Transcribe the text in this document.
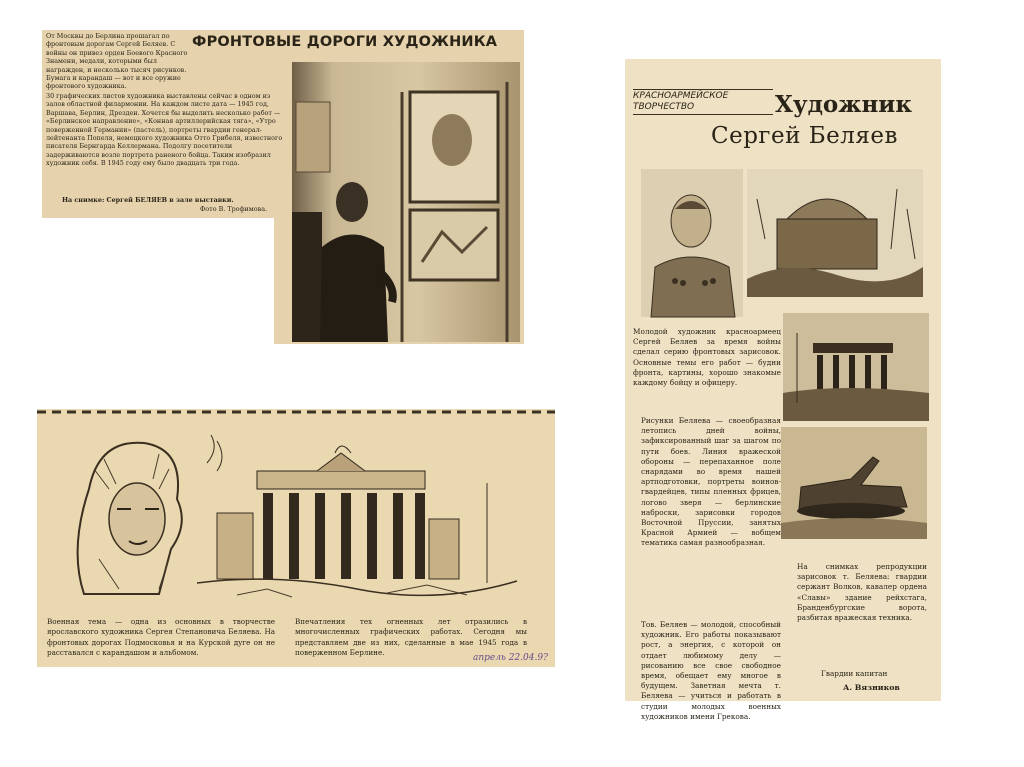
ФРОНТОВЫЕ ДОРОГИ ХУДОЖНИКА
От Москвы до Берлина прошагал по фронтовым дорогам Сергей Беляев. С войны он привез орден Боевого Красного Знамени, медали, которыми был награжден, и несколько тысяч рисунков. Бумага и карандаш — вот и все оружие фронтового художника.
30 графических листов художника выставлены сейчас в одном из залов областной филармонии. На каждом листе дата — 1945 год, Варшава, Берлин, Дрезден. Хочется бы выделить несколько работ — «Берлинское направление», «Конная артиллерийская тяга», «Утро поверженной Германии» (пастель), портреты гвардии генерал-лейтенанта Попеля, немецкого художника Отто Грибеля, известного писателя Бернгарда Келлермана. Подолгу посетители задерживаются возле портрета раненого бойца. Таким изобразил художник себя. В 1945 году ему было двадцать три года.
На снимке: Сергей БЕЛЯЕВ в зале выставки.
Фото В. Трофимова.
Военная тема — одна из основных в творчестве ярославского художника Сергея Степановича Беляева. На фронтовых дорогах Подмосковья и на Курской дуге он не расставался с карандашом и альбомом.
Впечатления тех огненных лет отразились в многочисленных графических работах. Сегодня мы представляем две из них, сделанные в мае 1945 года в поверженном Берлине.
апрель 22.04.9?
КРАСНОАРМЕЙСКОЕ ТВОРЧЕСТВО	Художник
Сергей Беляев
Молодой художник красноармеец Сергей Беляев за время войны сделал серию фронтовых зарисовок. Основные темы его работ — будни фронта, картины, хорошо знакомые каждому бойцу и офицеру.
Рисунки Беляева — своеобразная летопись дней войны, зафиксированный шаг за шагом по пути боев. Линия вражеской обороны — перепаханное поле снарядами во время нашей артподготовки, портреты воинов-гвардейцев, типы пленных фрицев, логово зверя — берлинские наброски, зарисовки городов Восточной Пруссии, занятых Красной Армией — вобщем тематика самая разнообразная.
Тов. Беляев — молодой, способный художник. Его работы показывают рост, а энергия, с которой он отдает любимому делу — рисованию все свое свободное время, обещает ему многое в будущем. Заветная мечта т. Беляева — учиться и работать в студии молодых военных художников имени Грекова.
На снимках репродукции зарисовок т. Беляева: гвардии сержант Волков, кавалер ордена «Славы» здание рейхстага, Бранденбургские ворота, разбитая вражеская техника.
Гвардии капитан
А. Вязников
